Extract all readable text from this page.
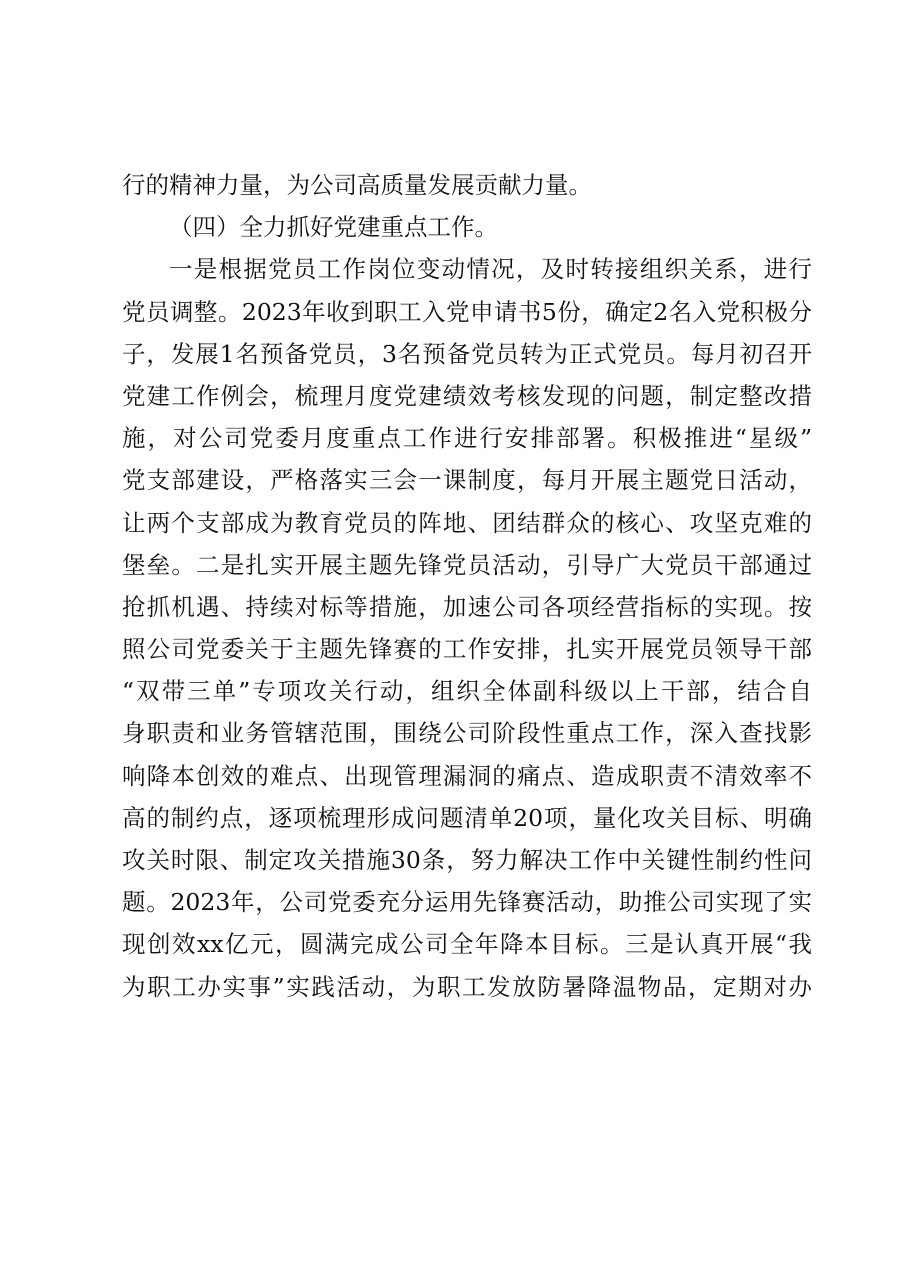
行的精神力量，为公司高质量发展贡献力量。
（四）全力抓好党建重点工作。
一是根据党员工作岗位变动情况，及时转接组织关系，进行
党员调整。2023年收到职工入党申请书5份，确定2名入党积极分
子，发展1名预备党员，3名预备党员转为正式党员。每月初召开
党建工作例会，梳理月度党建绩效考核发现的问题，制定整改措
施，对公司党委月度重点工作进行安排部署。积极推进“星级”
党支部建设，严格落实三会一课制度，每月开展主题党日活动，
让两个支部成为教育党员的阵地、团结群众的核心、攻坚克难的
堡垒。二是扎实开展主题先锋党员活动，引导广大党员干部通过
抢抓机遇、持续对标等措施，加速公司各项经营指标的实现。按
照公司党委关于主题先锋赛的工作安排，扎实开展党员领导干部
“双带三单”专项攻关行动，组织全体副科级以上干部，结合自
身职责和业务管辖范围，围绕公司阶段性重点工作，深入查找影
响降本创效的难点、出现管理漏洞的痛点、造成职责不清效率不
高的制约点，逐项梳理形成问题清单20项，量化攻关目标、明确
攻关时限、制定攻关措施30条，努力解决工作中关键性制约性问
题。2023年，公司党委充分运用先锋赛活动，助推公司实现了实
现创效xx亿元，圆满完成公司全年降本目标。三是认真开展“我
为职工办实事”实践活动，为职工发放防暑降温物品，定期对办
